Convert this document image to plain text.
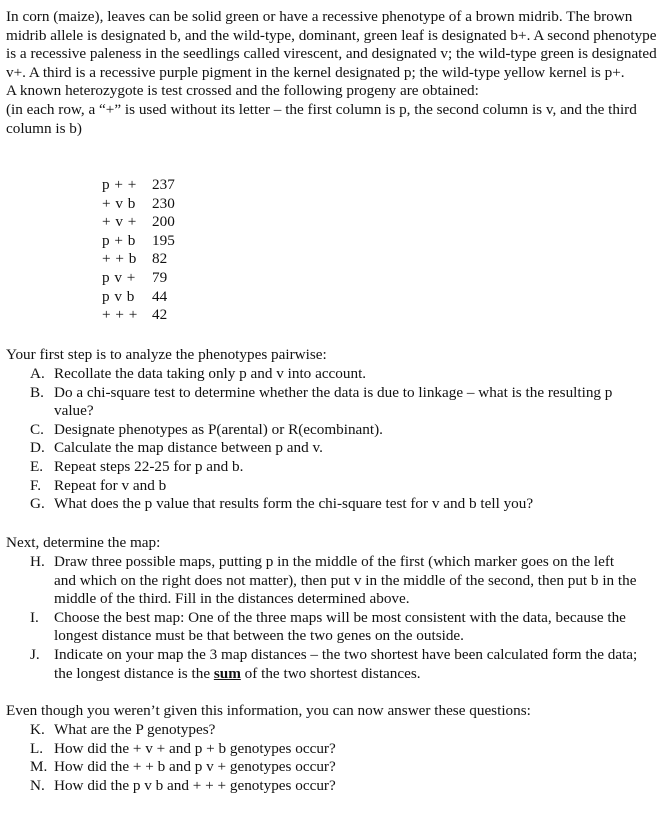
In corn (maize), leaves can be solid green or have a recessive phenotype of a brown midrib. The brown midrib allele is designated b, and the wild-type, dominant, green leaf is designated b+. A second phenotype is a recessive paleness in the seedlings called virescent, and designated v; the wild-type green is designated v+. A third is a recessive purple pigment in the kernel designated p; the wild-type yellow kernel is p+.

A known heterozygote is test crossed and the following progeny are obtained:

(in each row, a “+” is used without its letter – the first column is p, the second column is v, and the third column is b)

p + +	237
+ v b	230
+ v +	200
p + b	195
+ + b	82
p v +	79
p v b	44
+ + +	42

Your first step is to analyze the phenotypes pairwise:

A. Recollate the data taking only p and v into account.
B. Do a chi-square test to determine whether the data is due to linkage – what is the resulting p value?
C. Designate phenotypes as P(arental) or R(ecombinant).
D. Calculate the map distance between p and v.
E. Repeat steps 22-25 for p and b.
F. Repeat for v and b
G. What does the p value that results form the chi-square test for v and b tell you?

Next, determine the map:

H. Draw three possible maps, putting p in the middle of the first (which marker goes on the left and which on the right does not matter), then put v in the middle of the second, then put b in the middle of the third. Fill in the distances determined above.
I. Choose the best map: One of the three maps will be most consistent with the data, because the longest distance must be that between the two genes on the outside.
J. Indicate on your map the 3 map distances – the two shortest have been calculated form the data; the longest distance is the sum of the two shortest distances.

Even though you weren’t given this information, you can now answer these questions:

K. What are the P genotypes?
L. How did the + v + and p + b genotypes occur?
M. How did the + + b and p v + genotypes occur?
N. How did the p v b and + + + genotypes occur?
